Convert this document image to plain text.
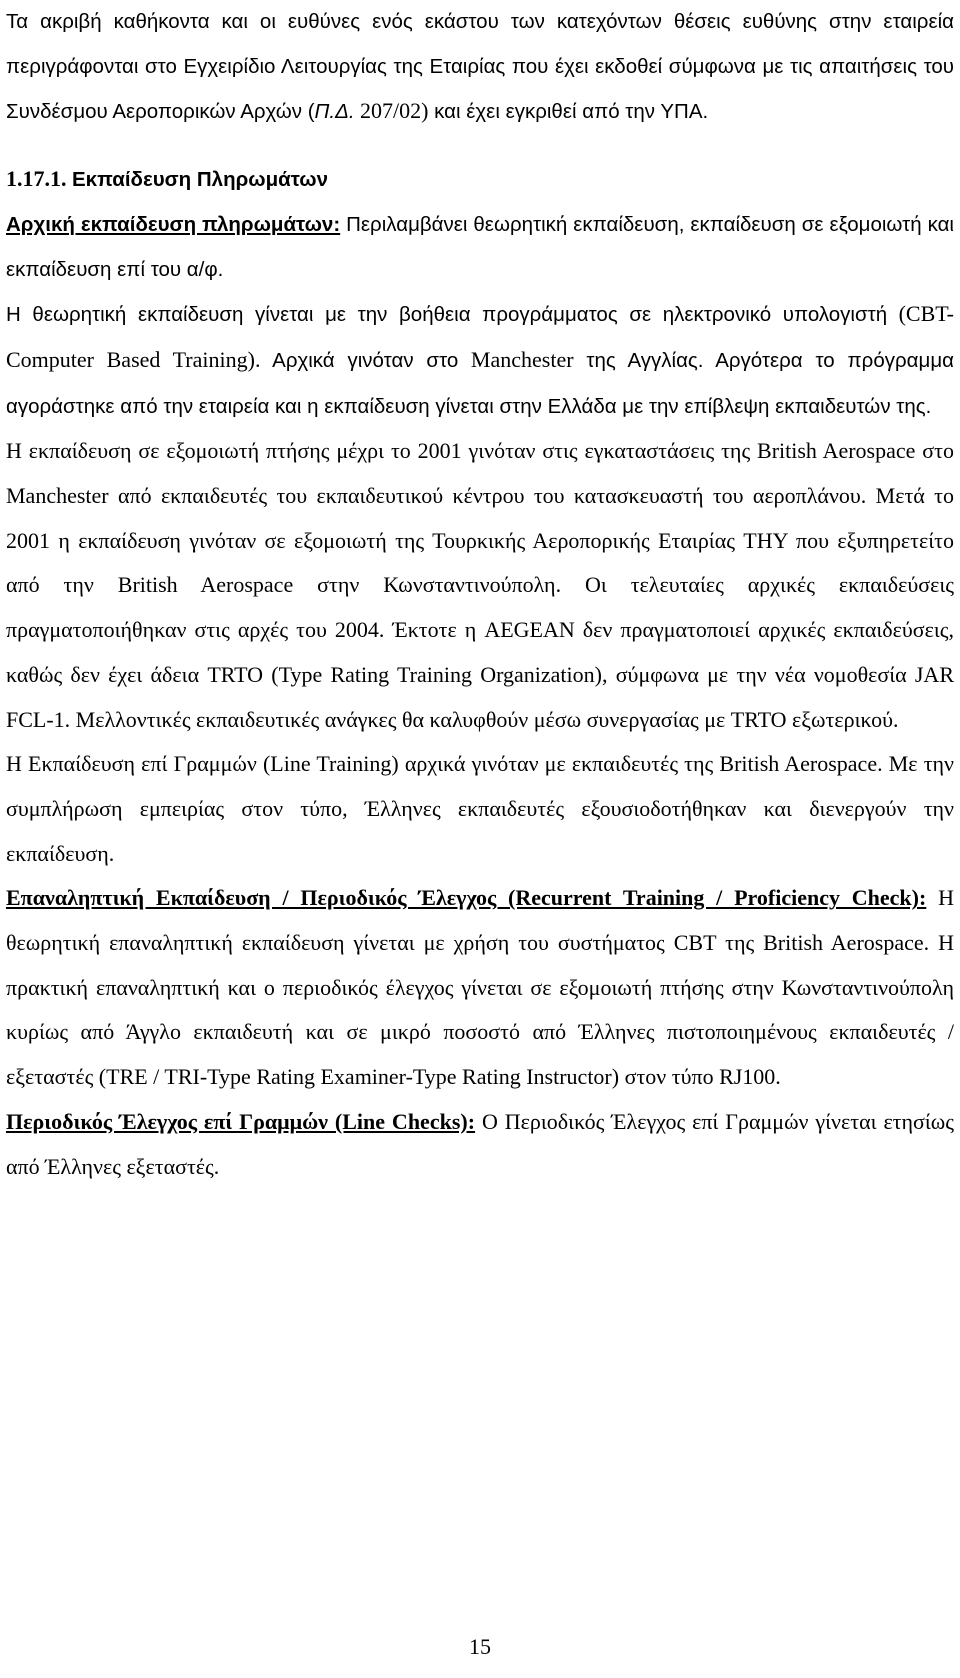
Τα ακριβή καθήκοντα και οι ευθύνες ενός εκάστου των κατεχόντων θέσεις ευθύνης στην εταιρεία περιγράφονται στο Εγχειρίδιο Λειτουργίας της Εταιρίας που έχει εκδοθεί σύμφωνα με τις απαιτήσεις του Συνδέσμου Αεροπορικών Αρχών (Π.Δ. 207/02) και έχει εγκριθεί από την ΥΠΑ.

1.17.1. Εκπαίδευση Πληρωμάτων

Αρχική εκπαίδευση πληρωμάτων: Περιλαμβάνει θεωρητική εκπαίδευση, εκπαίδευση σε εξομοιωτή και εκπαίδευση επί του α/φ.

Η θεωρητική εκπαίδευση γίνεται με την βοήθεια προγράμματος σε ηλεκτρονικό υπολογιστή (CBT-Computer Based Training). Αρχικά γινόταν στο Manchester της Αγγλίας. Αργότερα το πρόγραμμα αγοράστηκε από την εταιρεία και η εκπαίδευση γίνεται στην Ελλάδα με την επίβλεψη εκπαιδευτών της.

Η εκπαίδευση σε εξομοιωτή πτήσης μέχρι το 2001 γινόταν στις εγκαταστάσεις της British Aerospace στο Manchester από εκπαιδευτές του εκπαιδευτικού κέντρου του κατασκευαστή του αεροπλάνου. Μετά το 2001 η εκπαίδευση γινόταν σε εξομοιωτή της Τουρκικής Αεροπορικής Εταιρίας THY που εξυπηρετείτο από την British Aerospace στην Κωνσταντινούπολη. Οι τελευταίες αρχικές εκπαιδεύσεις πραγματοποιήθηκαν στις αρχές του 2004. Έκτοτε η AEGEAN δεν πραγματοποιεί αρχικές εκπαιδεύσεις, καθώς δεν έχει άδεια TRTO (Type Rating Training Organization), σύμφωνα με την νέα νομοθεσία JAR FCL-1. Μελλοντικές εκπαιδευτικές ανάγκες θα καλυφθούν μέσω συνεργασίας με TRTO εξωτερικού.

Η Εκπαίδευση επί Γραμμών (Line Training) αρχικά γινόταν με εκπαιδευτές της British Aerospace. Με την συμπλήρωση εμπειρίας στον τύπο, Έλληνες εκπαιδευτές εξουσιοδοτήθηκαν και διενεργούν την εκπαίδευση.

Επαναληπτική Εκπαίδευση / Περιοδικός Έλεγχος (Recurrent Training / Proficiency Check): Η θεωρητική επαναληπτική εκπαίδευση γίνεται με χρήση του συστήματος CBT της British Aerospace. Η πρακτική επαναληπτική και ο περιοδικός έλεγχος γίνεται σε εξομοιωτή πτήσης στην Κωνσταντινούπολη κυρίως από Άγγλο εκπαιδευτή και σε μικρό ποσοστό από Έλληνες πιστοποιημένους εκπαιδευτές / εξεταστές (TRE / TRI-Type Rating Examiner-Type Rating Instructor) στον τύπο RJ100.

Περιοδικός Έλεγχος επί Γραμμών (Line Checks): Ο Περιοδικός Έλεγχος επί Γραμμών γίνεται ετησίως από Έλληνες εξεταστές.

15
